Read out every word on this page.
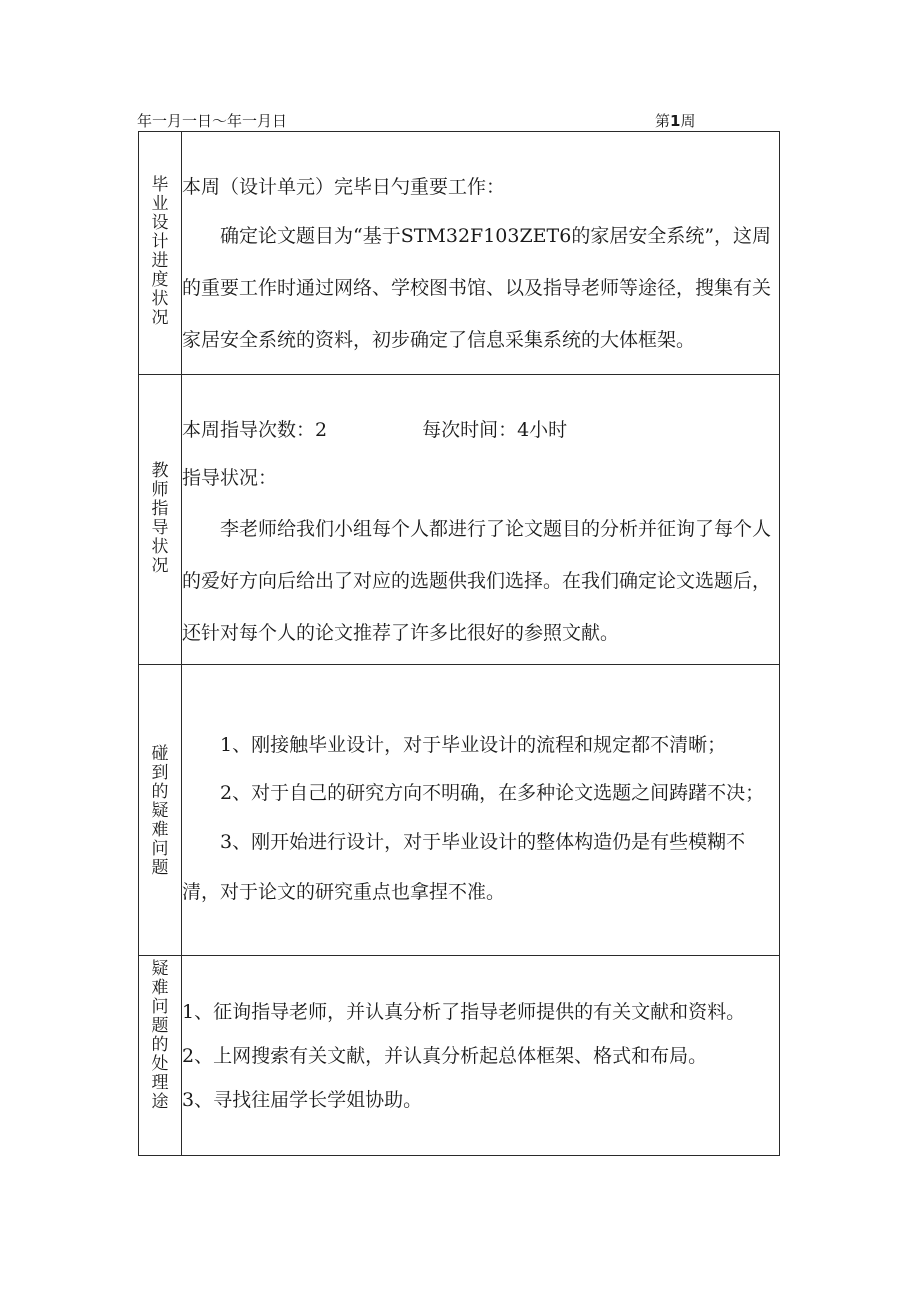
年一月一日～年一月日	第1周
毕业设计进度状况	本周（设计单元）完毕日勺重要工作：

确定论文题目为“基于STM32F103ZET6的家居安全系统”，这周的重要工作时通过网络、学校图书馆、以及指导老师等途径，搜集有关家居安全系统的资料，初步确定了信息采集系统的大体框架。

教师指导状况	本周指导次数：2 每次时间：4小时

指导状况：

李老师给我们小组每个人都进行了论文题目的分析并征询了每个人的爱好方向后给出了对应的选题供我们选择。在我们确定论文选题后，还针对每个人的论文推荐了许多比很好的参照文献。

碰到的疑难问题	1、刚接触毕业设计，对于毕业设计的流程和规定都不清晰；

2、对于自己的研究方向不明确，在多种论文选题之间踌躇不决；

3、刚开始进行设计，对于毕业设计的整体构造仍是有些模糊不清，对于论文的研究重点也拿捏不准。

疑难问题的处理途	1、征询指导老师，并认真分析了指导老师提供的有关文献和资料。

2、上网搜索有关文献，并认真分析起总体框架、格式和布局。

3、寻找往届学长学姐协助。
